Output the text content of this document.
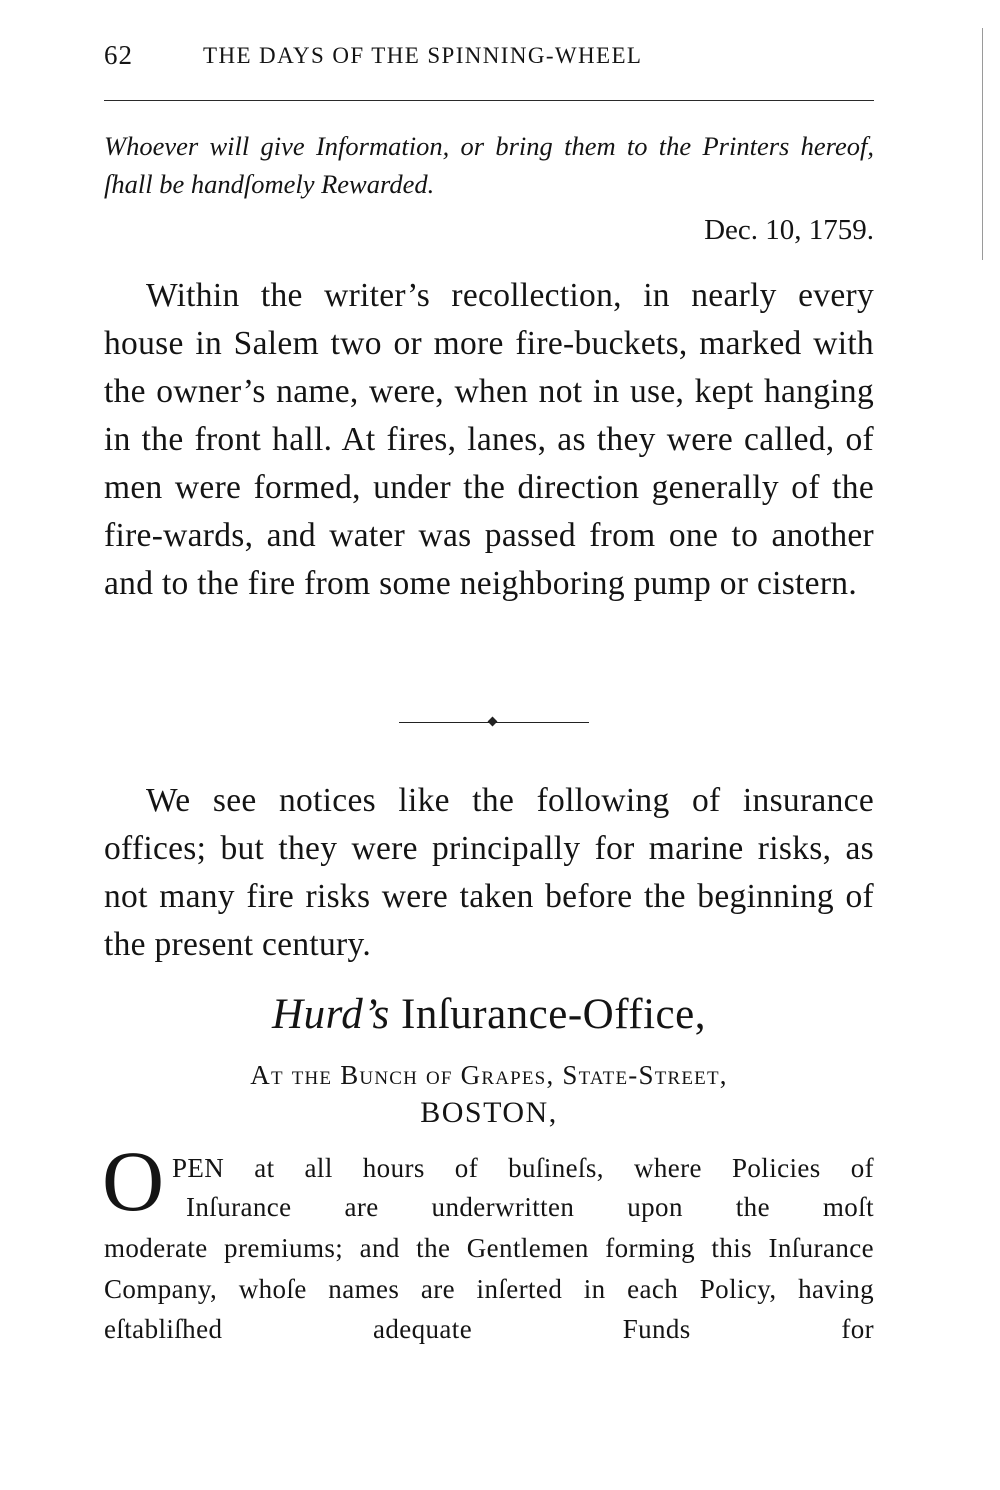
62	THE DAYS OF THE SPINNING-WHEEL
Whoever will give Information, or bring them to the Printers hereof, ſhall be handſomely Rewarded.
Dec. 10, 1759.
Within the writer’s recollection, in nearly every house in Salem two or more fire-buckets, marked with the owner’s name, were, when not in use, kept hanging in the front hall. At fires, lanes, as they were called, of men were formed, under the direction generally of the fire-wards, and water was passed from one to another and to the fire from some neighboring pump or cistern.
We see notices like the following of insurance offices; but they were principally for marine risks, as not many fire risks were taken before the beginning of the present century.
Hurd’s Inſurance-Office,
At the Bunch of Grapes, State-Street,
BOSTON,
O PEN at all hours of buſineſs, where Policies of
Inſurance are underwritten upon the moſt
moderate premiums; and the Gentlemen forming this Inſurance Company, whoſe names are inſerted in each Policy, having eſtabliſhed adequate Funds for
